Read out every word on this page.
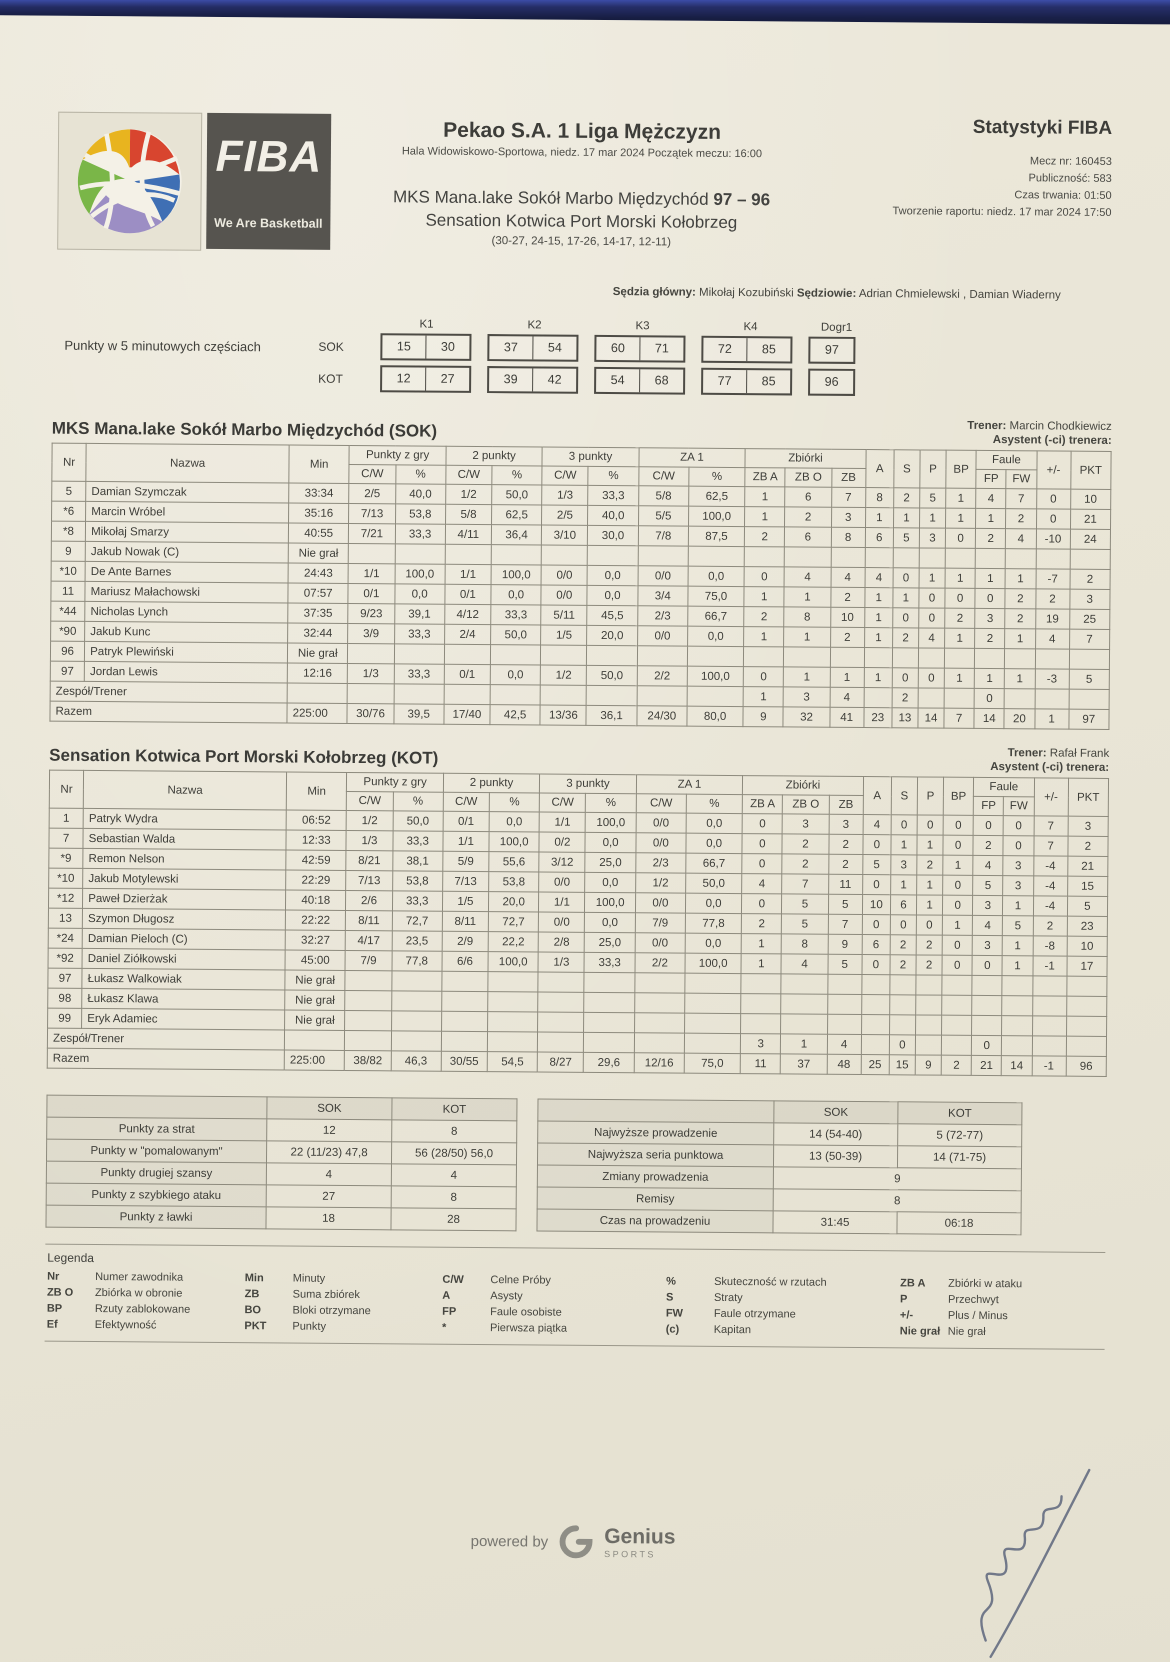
FIBA
We Are Basketball
Pekao S.A. 1 Liga Mężczyzn
Hala Widowiskowo-Sportowa, niedz. 17 mar 2024 Początek meczu: 16:00
MKS Mana.lake Sokół Marbo Międzychód 97 – 96
Sensation Kotwica Port Morski Kołobrzeg
(30-27, 24-15, 17-26, 14-17, 12-11)
Statystyki FIBA
Mecz nr: 160453
Publiczność: 583
Czas trwania: 01:50
Tworzenie raportu: niedz. 17 mar 2024 17:50
Sędzia główny: Mikołaj Kozubiński Sędziowie: Adrian Chmielewski , Damian Wiaderny
Punkty w 5 minutowych częściach
K1	K2	K3	K4	Dogr1
SOK	15	30	37	54	60	71	72	85	97
KOT	12	27	39	42	54	68	77	85	96
MKS Mana.lake Sokół Marbo Międzychód (SOK)	Trener: Marcin Chodkiewicz
Asystent (-ci) trenera:
Nr	Nazwa	Min	Punkty z gry		2 punkty		3 punkty		ZA 1		Zbiórki			A	S	P	BP	Faule		+/-	PKT
			C/W	%	C/W	%	C/W	%	C/W	%	ZB A	ZB O	ZB					FP	FW		
5	Damian Szymczak	33:34	2/5	40,0	1/2	50,0	1/3	33,3	5/8	62,5	1	6	7	8	2	5	1	4	7	0	10
*6	Marcin Wróbel	35:16	7/13	53,8	5/8	62,5	2/5	40,0	5/5	100,0	1	2	3	1	1	1	1	1	2	0	21
*8	Mikołaj Smarzy	40:55	7/21	33,3	4/11	36,4	3/10	30,0	7/8	87,5	2	6	8	6	5	3	0	2	4	-10	24
9	Jakub Nowak (C)	Nie grał																			
*10	De Ante Barnes	24:43	1/1	100,0	1/1	100,0	0/0	0,0	0/0	0,0	0	4	4	4	0	1	1	1	1	-7	2
11	Mariusz Małachowski	07:57	0/1	0,0	0/1	0,0	0/0	0,0	3/4	75,0	1	1	2	1	1	0	0	0	2	2	3
*44	Nicholas Lynch	37:35	9/23	39,1	4/12	33,3	5/11	45,5	2/3	66,7	2	8	10	1	0	0	2	3	2	19	25
*90	Jakub Kunc	32:44	3/9	33,3	2/4	50,0	1/5	20,0	0/0	0,0	1	1	2	1	2	4	1	2	1	4	7
96	Patryk Plewiński	Nie grał																			
97	Jordan Lewis	12:16	1/3	33,3	0/1	0,0	1/2	50,0	2/2	100,0	0	1	1	1	0	0	1	1	1	-3	5
Zespół/Trener											1	3	4		2			0			
Razem		225:00	30/76	39,5	17/40	42,5	13/36	36,1	24/30	80,0	9	32	41	23	13	14	7	14	20	1	97
Sensation Kotwica Port Morski Kołobrzeg (KOT)	Trener: Rafał Frank
Asystent (-ci) trenera:
Nr	Nazwa	Min	Punkty z gry		2 punkty		3 punkty		ZA 1		Zbiórki			A	S	P	BP	Faule		+/-	PKT
			C/W	%	C/W	%	C/W	%	C/W	%	ZB A	ZB O	ZB					FP	FW		
1	Patryk Wydra	06:52	1/2	50,0	0/1	0,0	1/1	100,0	0/0	0,0	0	3	3	4	0	0	0	0	0	7	3
7	Sebastian Walda	12:33	1/3	33,3	1/1	100,0	0/2	0,0	0/0	0,0	0	2	2	0	1	1	0	2	0	7	2
*9	Remon Nelson	42:59	8/21	38,1	5/9	55,6	3/12	25,0	2/3	66,7	0	2	2	5	3	2	1	4	3	-4	21
*10	Jakub Motylewski	22:29	7/13	53,8	7/13	53,8	0/0	0,0	1/2	50,0	4	7	11	0	1	1	0	5	3	-4	15
*12	Paweł Dzierżak	40:18	2/6	33,3	1/5	20,0	1/1	100,0	0/0	0,0	0	5	5	10	6	1	0	3	1	-4	5
13	Szymon Długosz	22:22	8/11	72,7	8/11	72,7	0/0	0,0	7/9	77,8	2	5	7	0	0	0	1	4	5	2	23
*24	Damian Pieloch (C)	32:27	4/17	23,5	2/9	22,2	2/8	25,0	0/0	0,0	1	8	9	6	2	2	0	3	1	-8	10
*92	Daniel Ziółkowski	45:00	7/9	77,8	6/6	100,0	1/3	33,3	2/2	100,0	1	4	5	0	2	2	0	0	1	-1	17
97	Łukasz Walkowiak	Nie grał																			
98	Łukasz Klawa	Nie grał																			
99	Eryk Adamiec	Nie grał																			
Zespół/Trener											3	1	4		0			0			
Razem		225:00	38/82	46,3	30/55	54,5	8/27	29,6	12/16	75,0	11	37	48	25	15	9	2	21	14	-1	96
	SOK	KOT
Punkty za strat	12	8
Punkty w "pomalowanym"	22 (11/23) 47,8	56 (28/50) 56,0
Punkty drugiej szansy	4	4
Punkty z szybkiego ataku	27	8
Punkty z ławki	18	28
	SOK	KOT
Najwyższe prowadzenie	14 (54-40)	5 (72-77)
Najwyższa seria punktowa	13 (50-39)	14 (71-75)
Zmiany prowadzenia	9	
Remisy	8	
Czas na prowadzeniu	31:45	06:18
Legenda
Nr	Numer zawodnika	Min	Minuty	C/W	Celne Próby	%	Skuteczność w rzutach	ZB A	Zbiórki w ataku
ZB O	Zbiórka w obronie	ZB	Suma zbiórek	A	Asysty	S	Straty	P	Przechwyt
BP	Rzuty zablokowane	BO	Bloki otrzymane	FP	Faule osobiste	FW	Faule otrzymane	+/-	Plus / Minus
Ef	Efektywność	PKT	Punkty	*	Pierwsza piątka	(c)	Kapitan	Nie grał Nie grał
powered by	Genius
SPORTS
